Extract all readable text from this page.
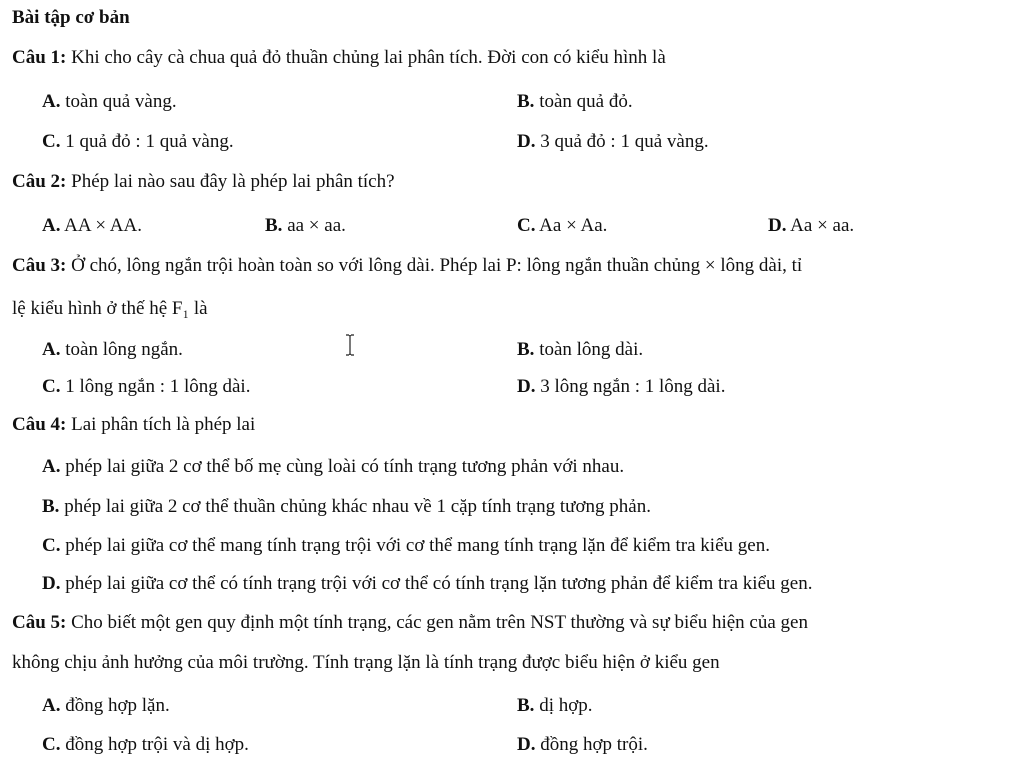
Bài tập cơ bản
Câu 1: Khi cho cây cà chua quả đỏ thuần chủng lai phân tích. Đời con có kiểu hình là
A. toàn quả vàng.	B. toàn quả đỏ.
C. 1 quả đỏ : 1 quả vàng.	D. 3 quả đỏ : 1 quả vàng.
Câu 2: Phép lai nào sau đây là phép lai phân tích?
A. AA × AA.	B. aa × aa.	C. Aa × Aa.	D. Aa × aa.
Câu 3: Ở chó, lông ngắn trội hoàn toàn so với lông dài. Phép lai P: lông ngắn thuần chủng × lông dài, tỉ
lệ kiểu hình ở thế hệ F₁ là
A. toàn lông ngắn.	B. toàn lông dài.
C. 1 lông ngắn : 1 lông dài.	D. 3 lông ngắn : 1 lông dài.
Câu 4: Lai phân tích là phép lai
A. phép lai giữa 2 cơ thể bố mẹ cùng loài có tính trạng tương phản với nhau.
B. phép lai giữa 2 cơ thể thuần chủng khác nhau về 1 cặp tính trạng tương phản.
C. phép lai giữa cơ thể mang tính trạng trội với cơ thể mang tính trạng lặn để kiểm tra kiểu gen.
D. phép lai giữa cơ thể có tính trạng trội với cơ thể có tính trạng lặn tương phản để kiểm tra kiểu gen.
Câu 5: Cho biết một gen quy định một tính trạng, các gen nằm trên NST thường và sự biểu hiện của gen
không chịu ảnh hưởng của môi trường. Tính trạng lặn là tính trạng được biểu hiện ở kiểu gen
A. đồng hợp lặn.	B. dị hợp.
C. đồng hợp trội và dị hợp.	D. đồng hợp trội.
